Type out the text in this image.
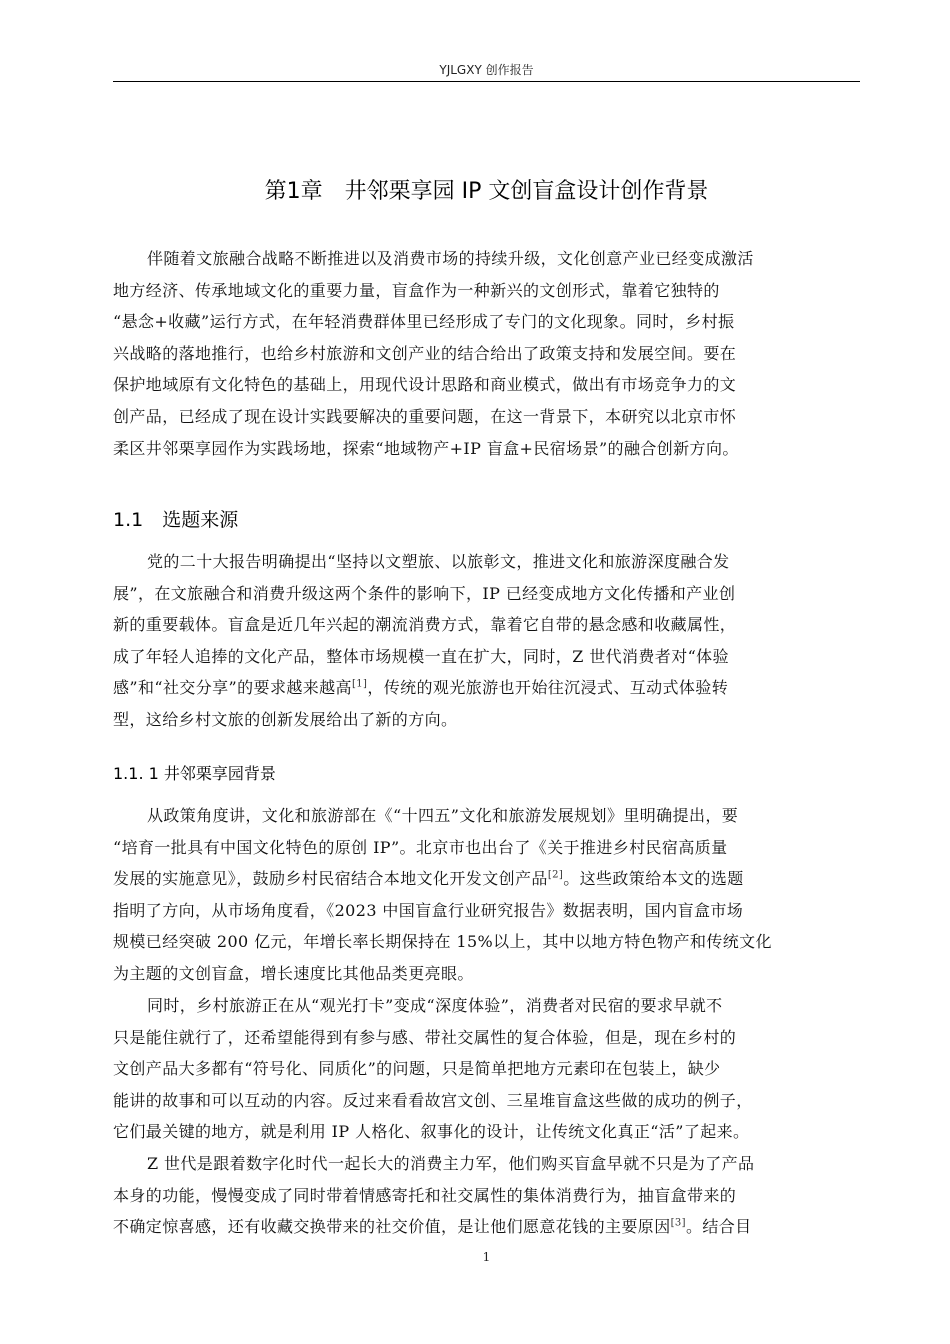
YJLGXY 创作报告
第1章　井邻栗享园 IP 文创盲盒设计创作背景
伴随着文旅融合战略不断推进以及消费市场的持续升级，文化创意产业已经变成激活
地方经济、传承地域文化的重要力量，盲盒作为一种新兴的文创形式，靠着它独特的
“悬念+收藏”运行方式，在年轻消费群体里已经形成了专门的文化现象。同时，乡村振
兴战略的落地推行，也给乡村旅游和文创产业的结合给出了政策支持和发展空间。要在
保护地域原有文化特色的基础上，用现代设计思路和商业模式，做出有市场竞争力的文
创产品，已经成了现在设计实践要解决的重要问题，在这一背景下，本研究以北京市怀
柔区井邻栗享园作为实践场地，探索“地域物产+IP 盲盒+民宿场景”的融合创新方向。
1.1　选题来源
党的二十大报告明确提出“坚持以文塑旅、以旅彰文，推进文化和旅游深度融合发
展”，在文旅融合和消费升级这两个条件的影响下，IP 已经变成地方文化传播和产业创
新的重要载体。盲盒是近几年兴起的潮流消费方式，靠着它自带的悬念感和收藏属性，
成了年轻人追捧的文化产品，整体市场规模一直在扩大，同时，Z 世代消费者对“体验
感”和“社交分享”的要求越来越高[1]，传统的观光旅游也开始往沉浸式、互动式体验转
型，这给乡村文旅的创新发展给出了新的方向。
1.1. 1 井邻栗享园背景
从政策角度讲，文化和旅游部在《“十四五”文化和旅游发展规划》里明确提出，要
“培育一批具有中国文化特色的原创 IP”。北京市也出台了《关于推进乡村民宿高质量
发展的实施意见》，鼓励乡村民宿结合本地文化开发文创产品[2]。这些政策给本文的选题
指明了方向，从市场角度看，《2023 中国盲盒行业研究报告》数据表明，国内盲盒市场
规模已经突破 200 亿元，年增长率长期保持在 15%以上，其中以地方特色物产和传统文化
为主题的文创盲盒，增长速度比其他品类更亮眼。
同时，乡村旅游正在从“观光打卡”变成“深度体验”，消费者对民宿的要求早就不
只是能住就行了，还希望能得到有参与感、带社交属性的复合体验，但是，现在乡村的
文创产品大多都有“符号化、同质化”的问题，只是简单把地方元素印在包装上，缺少
能讲的故事和可以互动的内容。反过来看看故宫文创、三星堆盲盒这些做的成功的例子，
它们最关键的地方，就是利用 IP 人格化、叙事化的设计，让传统文化真正“活”了起来。
Z 世代是跟着数字化时代一起长大的消费主力军，他们购买盲盒早就不只是为了产品
本身的功能，慢慢变成了同时带着情感寄托和社交属性的集体消费行为，抽盲盒带来的
不确定惊喜感，还有收藏交换带来的社交价值，是让他们愿意花钱的主要原因[3]。结合目
1
